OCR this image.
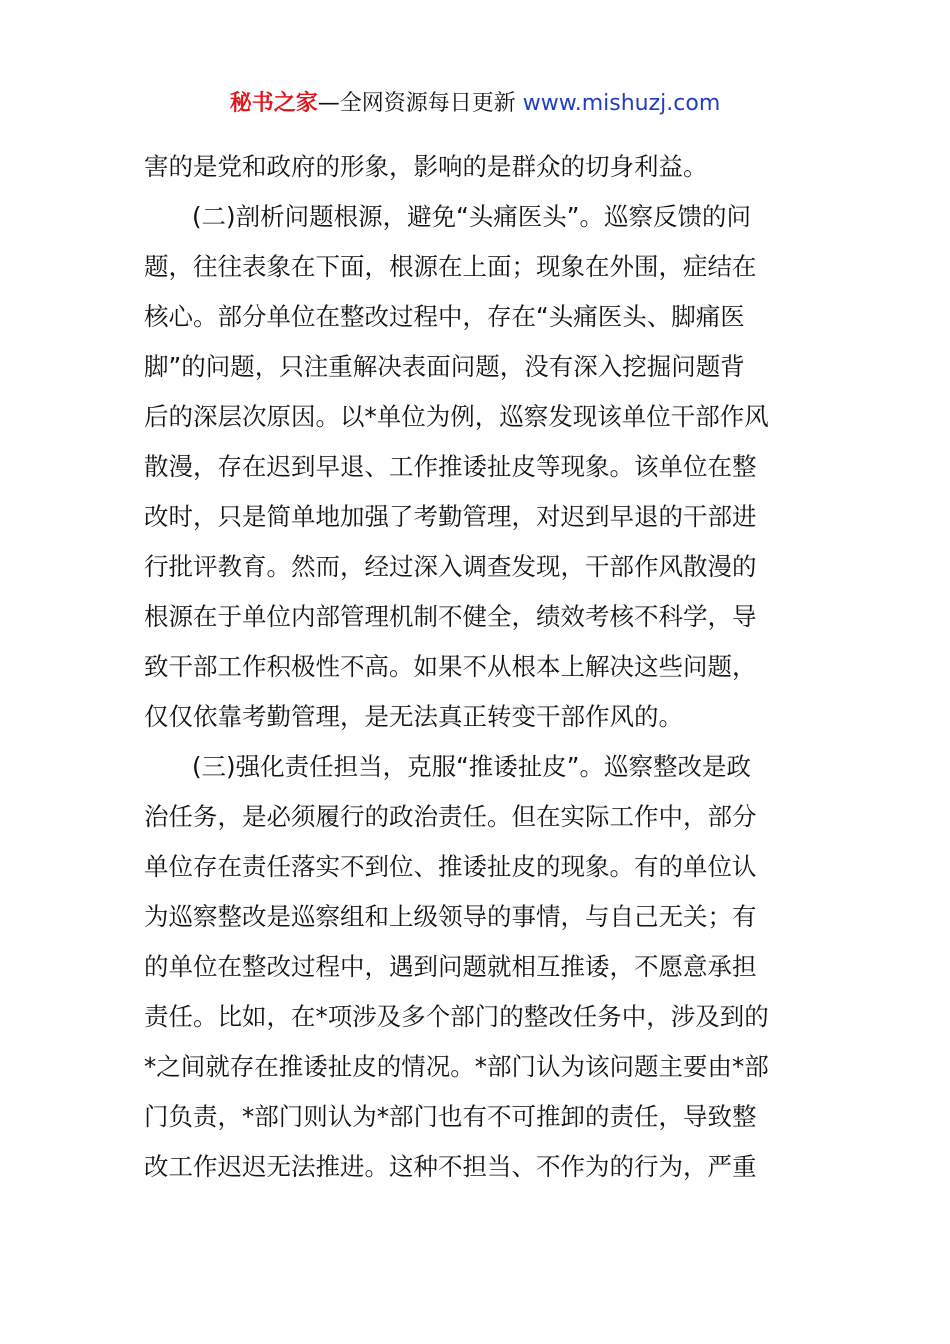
秘书之家—全网资源每日更新 www.mishuzj.com
害的是党和政府的形象，影响的是群众的切身利益。
(二)剖析问题根源，避免“头痛医头”。巡察反馈的问
题，往往表象在下面，根源在上面；现象在外围，症结在
核心。部分单位在整改过程中，存在“头痛医头、脚痛医
脚”的问题，只注重解决表面问题，没有深入挖掘问题背
后的深层次原因。以*单位为例，巡察发现该单位干部作风
散漫，存在迟到早退、工作推诿扯皮等现象。该单位在整
改时，只是简单地加强了考勤管理，对迟到早退的干部进
行批评教育。然而，经过深入调查发现，干部作风散漫的
根源在于单位内部管理机制不健全，绩效考核不科学，导
致干部工作积极性不高。如果不从根本上解决这些问题，
仅仅依靠考勤管理，是无法真正转变干部作风的。
(三)强化责任担当，克服“推诿扯皮”。巡察整改是政
治任务，是必须履行的政治责任。但在实际工作中，部分
单位存在责任落实不到位、推诿扯皮的现象。有的单位认
为巡察整改是巡察组和上级领导的事情，与自己无关；有
的单位在整改过程中，遇到问题就相互推诿，不愿意承担
责任。比如，在*项涉及多个部门的整改任务中，涉及到的
*之间就存在推诿扯皮的情况。*部门认为该问题主要由*部
门负责，*部门则认为*部门也有不可推卸的责任，导致整
改工作迟迟无法推进。这种不担当、不作为的行为，严重
